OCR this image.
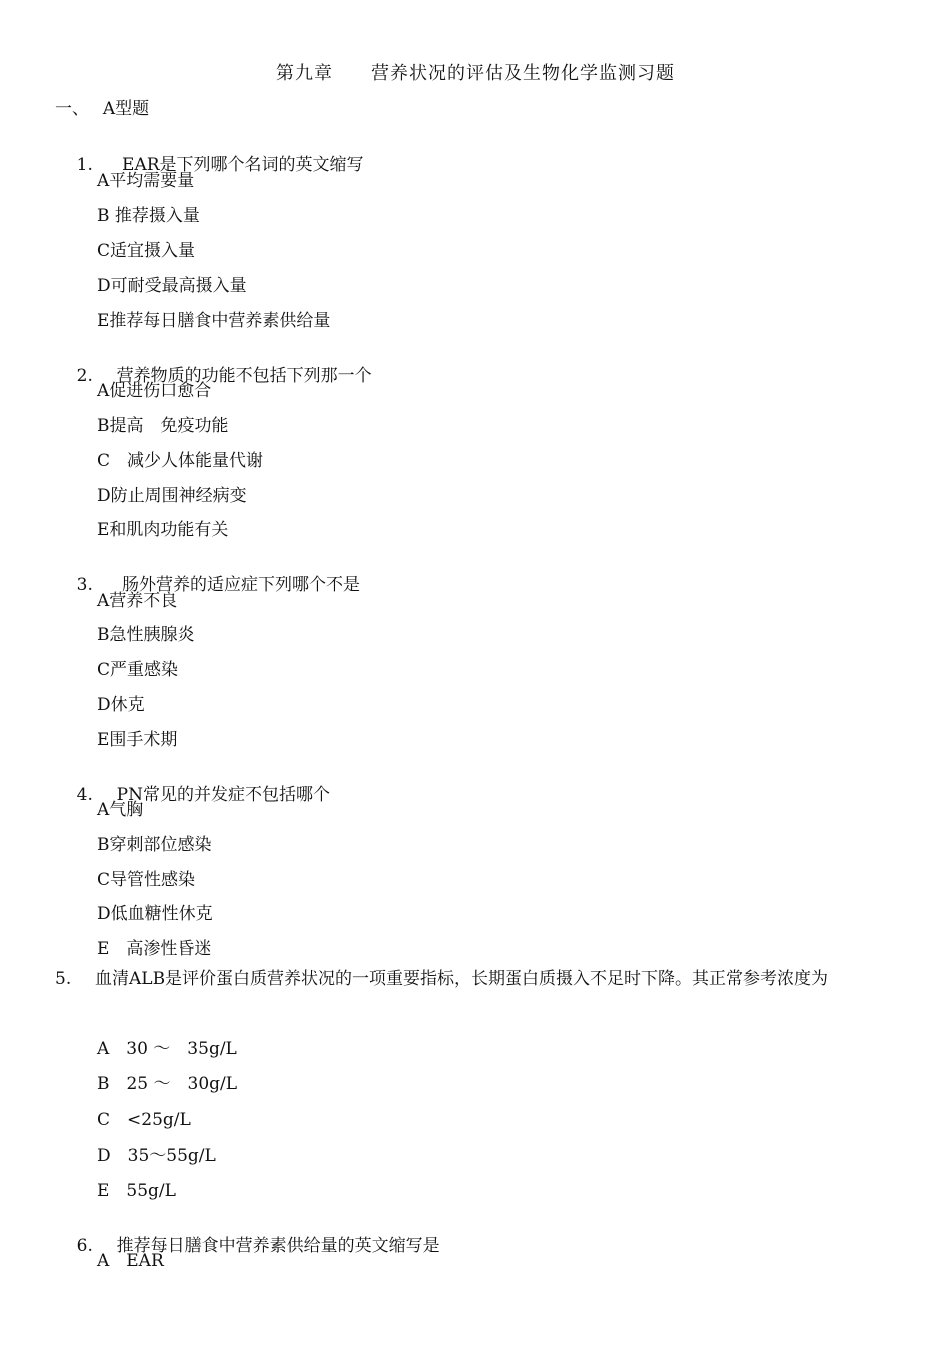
第九章　　营养状况的评估及生物化学监测习题
一、　 A型题

1. EAR是下列哪个名词的英文缩写

A平均需要量
B 推荐摄入量
C适宜摄入量
D可耐受最高摄入量
E推荐每日膳食中营养素供给量

2. 营养物质的功能不包括下列那一个

A促进伤口愈合
B提高　免疫功能
C　减少人体能量代谢
D防止周围神经病变
E和肌肉功能有关

3. 肠外营养的适应症下列哪个不是

A营养不良
B急性胰腺炎
C严重感染
D休克
E围手术期

4. PN常见的并发症不包括哪个

A气胸
B穿刺部位感染
C导管性感染
D低血糖性休克
E　高渗性昏迷
5. 血清ALB是评价蛋白质营养状况的一项重要指标，长期蛋白质摄入不足时下降。其正常参考浓度为
A　30 ～　35g/L
B　25 ～　30g/L
C　<25g/L
D　35～55g/L
E　55g/L

6. 推荐每日膳食中营养素供给量的英文缩写是

A　EAR
